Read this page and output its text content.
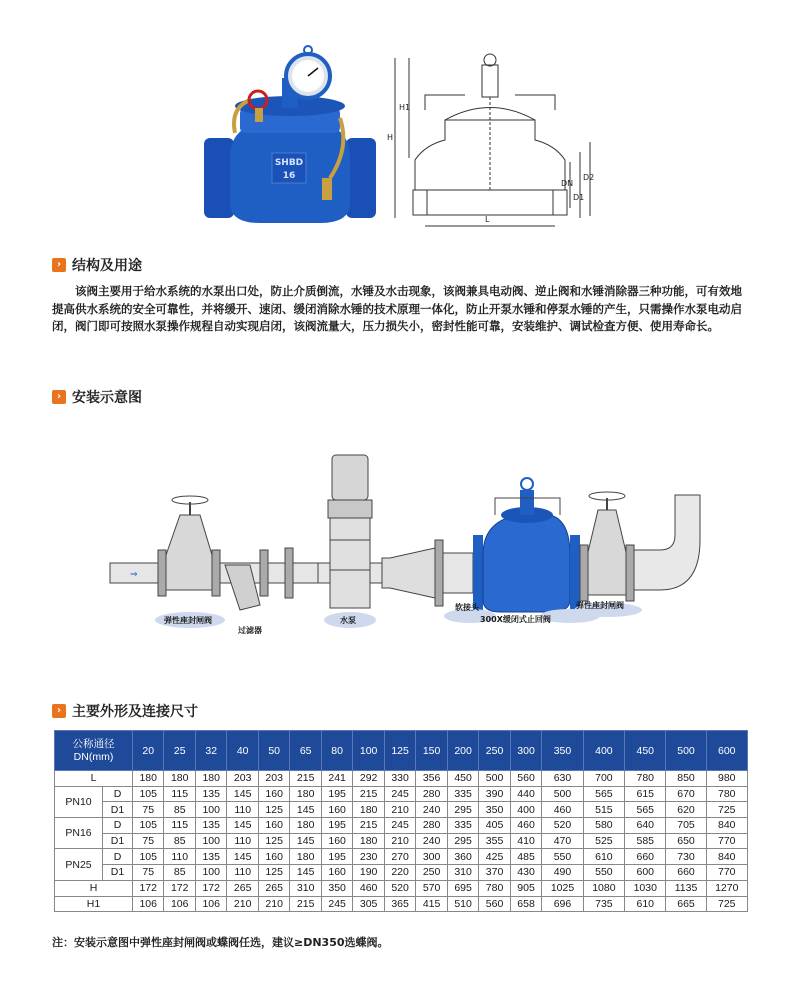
SHBD
16
H
H1
L
DN
D1
D2
› 结构及用途

该阀主要用于给水系统的水泵出口处，防止介质倒流，水锤及水击现象，该阀兼具电动阀、逆止阀和水锤消除器三种功能，可有效地提高供水系统的安全可靠性，并将缓开、速闭、缓闭消除水锤的技术原理一体化，防止开泵水锤和停泵水锤的产生，只需操作水泵电动启闭，阀门即可按照水泵操作规程自动实现启闭，该阀流量大，压力损失小，密封性能可靠，安装维护、调试检查方便、使用寿命长。

› 安装示意图
⇒
弹性座封闸阀
过滤器
水泵
软接头
300X缓闭式止回阀
弹性座封闸阀
› 主要外形及连接尺寸
公称通径
DN(mm)		20	25	32	40	50	65	80	100	125	150	200	250	300	350	400	450	500	600
L		180	180	180	203	203	215	241	292	330	356	450	500	560	630	700	780	850	980
PN10	D	105	115	135	145	160	180	195	215	245	280	335	390	440	500	565	615	670	780
	D1	75	85	100	110	125	145	160	180	210	240	295	350	400	460	515	565	620	725
PN16	D	105	115	135	145	160	180	195	215	245	280	335	405	460	520	580	640	705	840
	D1	75	85	100	110	125	145	160	180	210	240	295	355	410	470	525	585	650	770
PN25	D	105	110	135	145	160	180	195	230	270	300	360	425	485	550	610	660	730	840
	D1	75	85	100	110	125	145	160	190	220	250	310	370	430	490	550	600	660	770
H		172	172	172	265	265	310	350	460	520	570	695	780	905	1025	1080	1030	1135	1270
H1		106	106	106	210	210	215	245	305	365	415	510	560	658	696	735	610	665	725
注：安装示意图中弹性座封闸阀或蝶阀任选，建议≥DN350选蝶阀。
